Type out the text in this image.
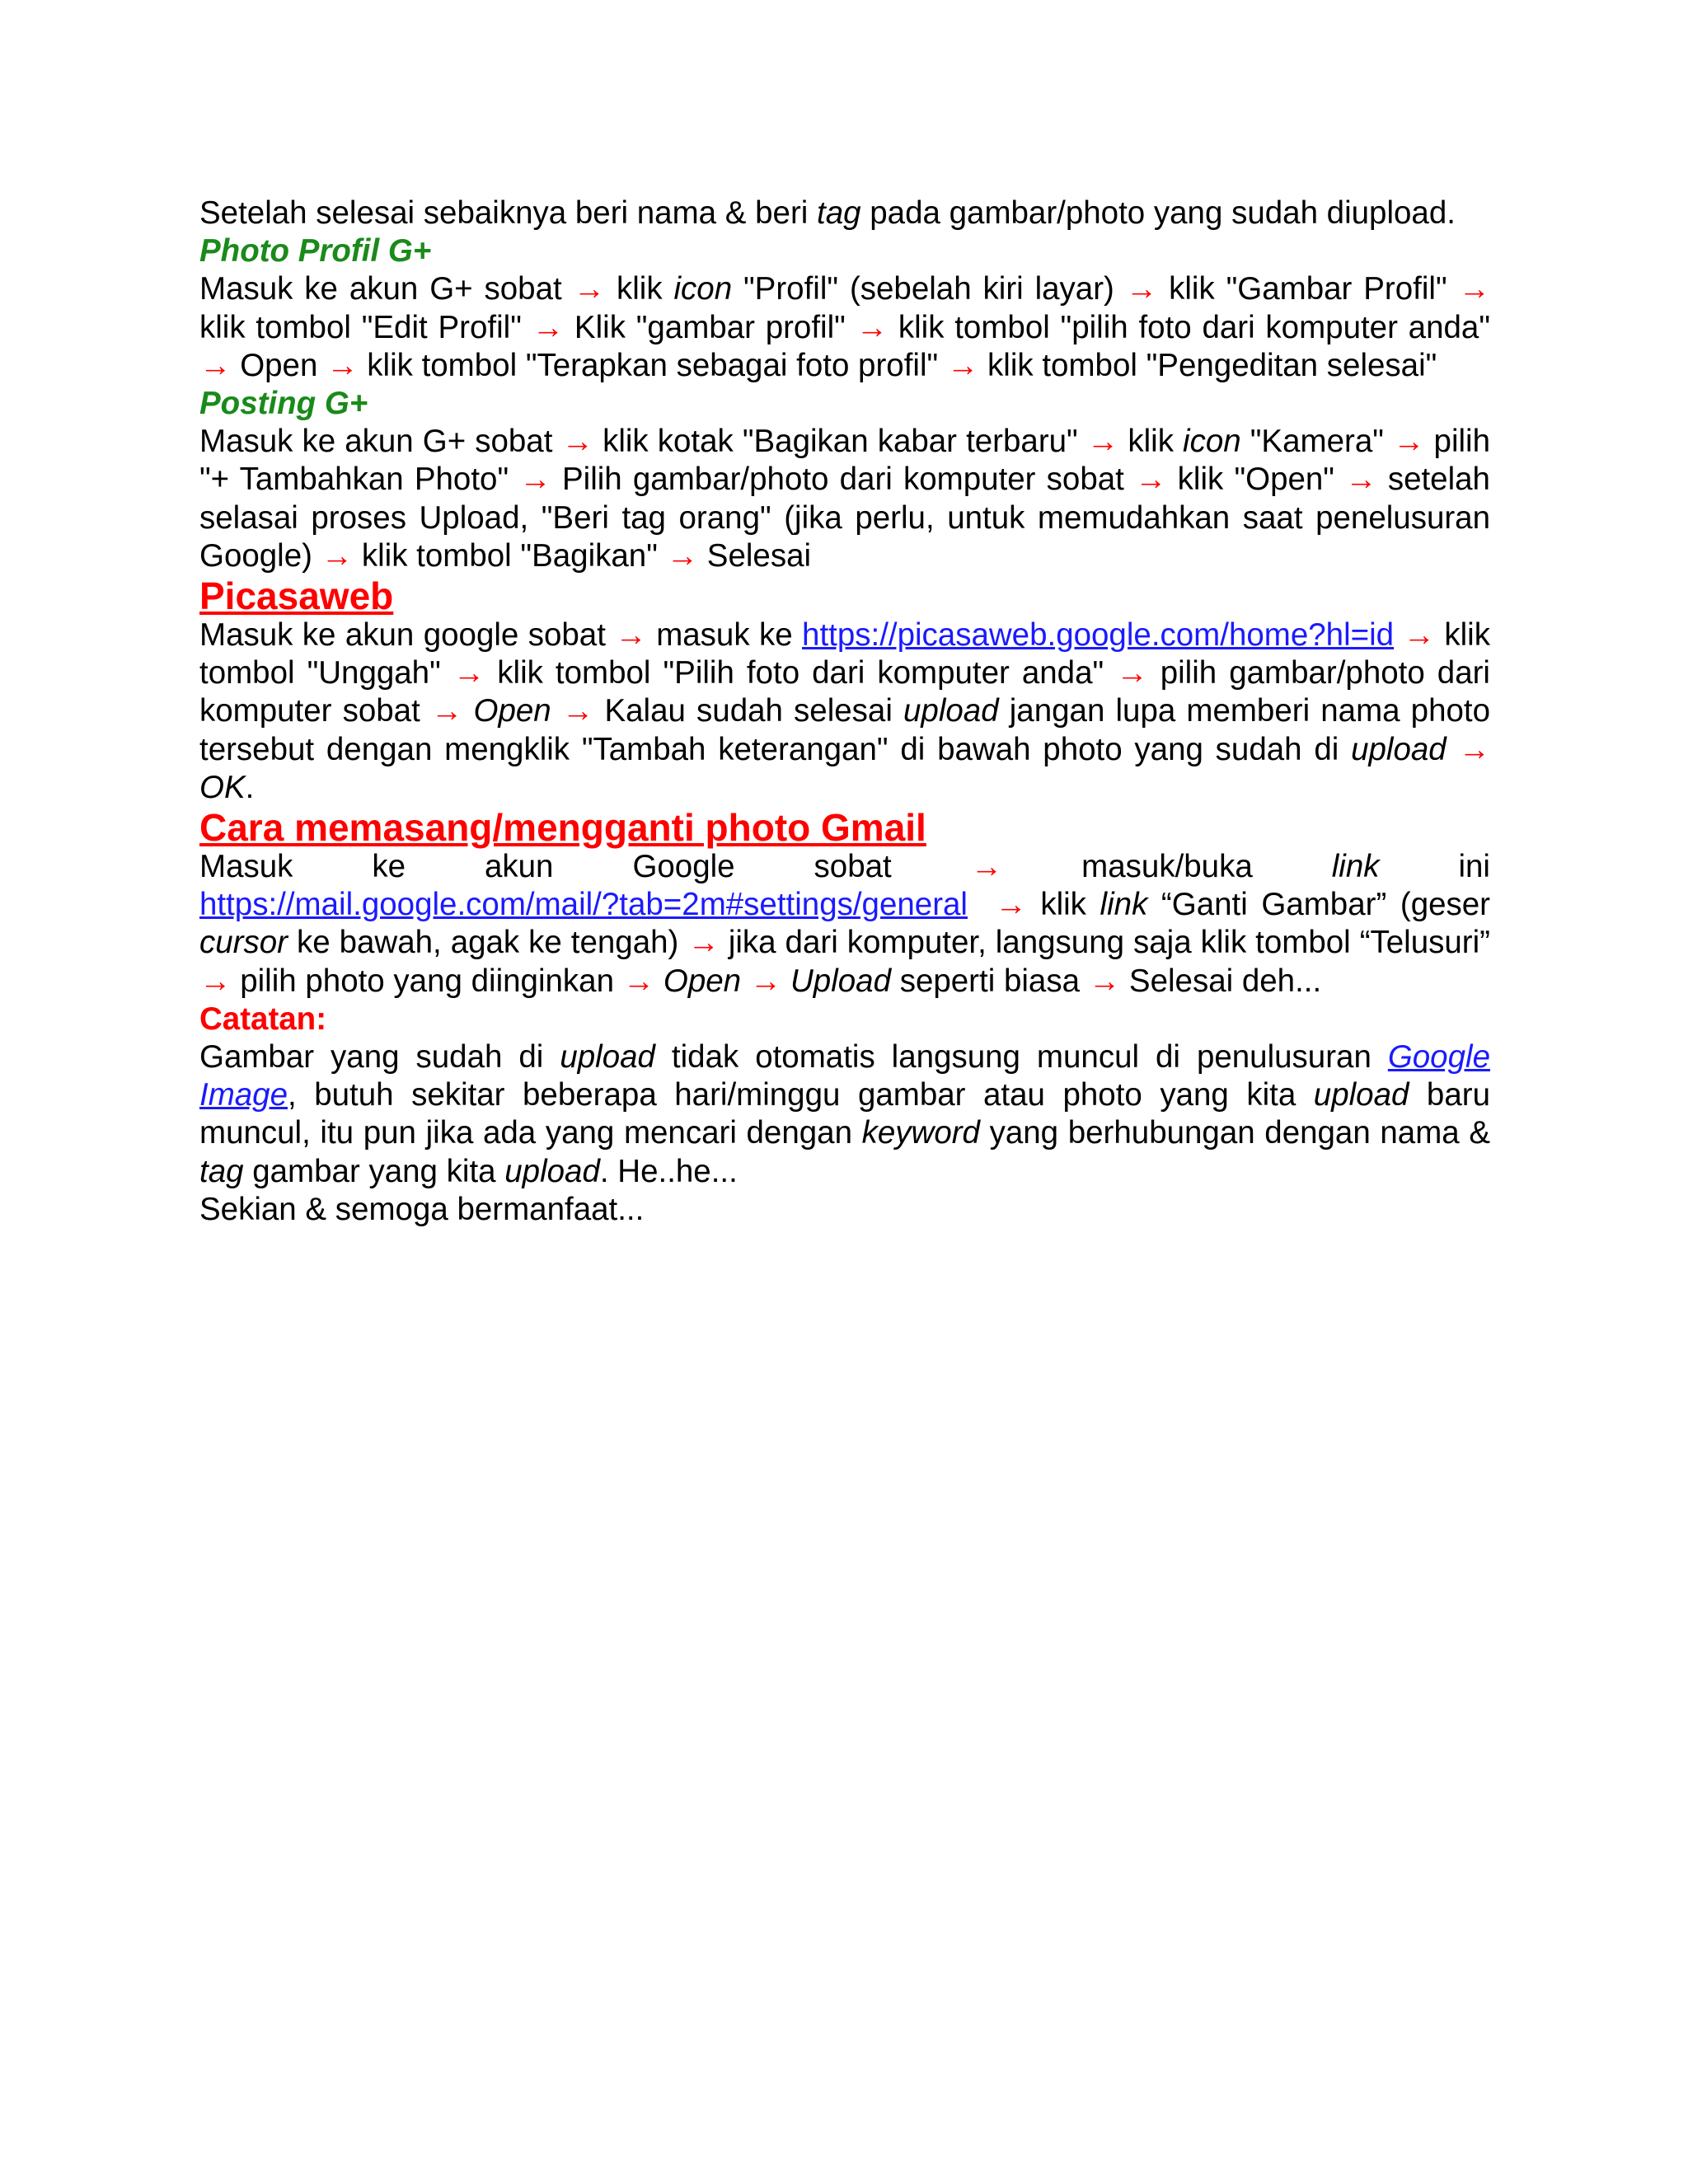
Setelah selesai sebaiknya beri nama & beri tag pada gambar/photo yang sudah diupload.

Photo Profil G+

Masuk ke akun G+ sobat → klik icon "Profil" (sebelah kiri layar) → klik "Gambar Profil" → klik tombol "Edit Profil" → Klik "gambar profil" → klik tombol "pilih foto dari komputer anda" → Open → klik tombol "Terapkan sebagai foto profil" → klik tombol "Pengeditan selesai"

Posting G+

Masuk ke akun G+ sobat → klik kotak "Bagikan kabar terbaru" → klik icon "Kamera" → pilih "+ Tambahkan Photo" → Pilih gambar/photo dari komputer sobat → klik "Open" → setelah selasai proses Upload, "Beri tag orang" (jika perlu, untuk memudahkan saat penelusuran Google) → klik tombol "Bagikan" → Selesai

Picasaweb

Masuk ke akun google sobat → masuk ke https://picasaweb.google.com/home?hl=id → klik tombol "Unggah" → klik tombol "Pilih foto dari komputer anda" → pilih gambar/photo dari komputer sobat → Open → Kalau sudah selesai upload jangan lupa memberi nama photo tersebut dengan mengklik "Tambah keterangan" di bawah photo yang sudah di upload → OK.

Cara memasang/mengganti photo Gmail

Masuk ke akun Google sobat → masuk/buka link ini

https://mail.google.com/mail/?tab=2m#settings/general → klik link “Ganti Gambar” (geser cursor ke bawah, agak ke tengah) → jika dari komputer, langsung saja klik tombol “Telusuri” → pilih photo yang diinginkan → Open → Upload seperti biasa → Selesai deh...

Catatan:

Gambar yang sudah di upload tidak otomatis langsung muncul di penulusuran Google Image, butuh sekitar beberapa hari/minggu gambar atau photo yang kita upload baru muncul, itu pun jika ada yang mencari dengan keyword yang berhubungan dengan nama & tag gambar yang kita upload. He..he...

Sekian & semoga bermanfaat...
